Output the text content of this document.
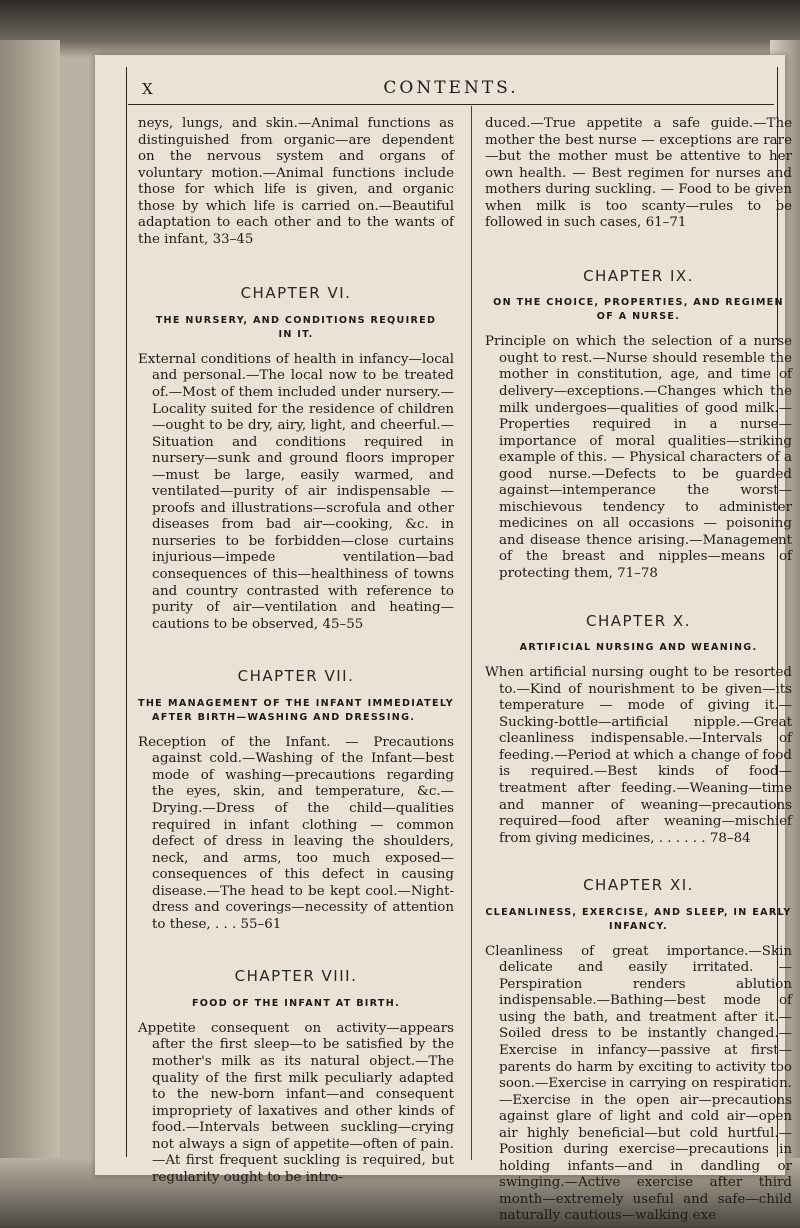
X	CONTENTS.

neys, lungs, and skin.—Animal functions as distinguished from organic—are dependent on the nervous system and organs of voluntary motion.—Animal functions include those for which life is given, and organic those by which life is carried on.—Beautiful adaptation to each other and to the wants of the infant, 33–45

CHAPTER VI.

THE NURSERY, AND CONDITIONS REQUIRED IN IT.

External conditions of health in infancy—local and personal.—The local now to be treated of.—Most of them included under nursery.—Locality suited for the residence of children—ought to be dry, airy, light, and cheerful.—Situation and conditions required in nursery—sunk and ground floors improper—must be large, easily warmed, and ventilated—purity of air indispensable — proofs and illustrations—scrofula and other diseases from bad air—cooking, &c. in nurseries to be forbidden—close curtains injurious—impede ventilation—bad consequences of this—healthiness of towns and country contrasted with reference to purity of air—ventilation and heating—cautions to be observed, 45–55

CHAPTER VII.

THE MANAGEMENT OF THE INFANT IMMEDIATELY AFTER BIRTH—WASHING AND DRESSING.

Reception of the Infant. — Precautions against cold.—Washing of the Infant—best mode of washing—precautions regarding the eyes, skin, and temperature, &c.—Drying.—Dress of the child—qualities required in infant clothing — common defect of dress in leaving the shoulders, neck, and arms, too much exposed—consequences of this defect in causing disease.—The head to be kept cool.—Night-dress and coverings—necessity of attention to these, . . . 55–61

CHAPTER VIII.

FOOD OF THE INFANT AT BIRTH.

Appetite consequent on activity—appears after the first sleep—to be satisfied by the mother's milk as its natural object.—The quality of the first milk peculiarly adapted to the new-born infant—and consequent impropriety of laxatives and other kinds of food.—Intervals between suckling—crying not always a sign of appetite—often of pain.—At first frequent suckling is required, but regularity ought to be intro-

duced.—True appetite a safe guide.—The mother the best nurse — exceptions are rare—but the mother must be attentive to her own health. — Best regimen for nurses and mothers during suckling. — Food to be given when milk is too scanty—rules to be followed in such cases, 61–71

CHAPTER IX.

ON THE CHOICE, PROPERTIES, AND REGIMEN OF A NURSE.

Principle on which the selection of a nurse ought to rest.—Nurse should resemble the mother in constitution, age, and time of delivery—exceptions.—Changes which the milk undergoes—qualities of good milk.—Properties required in a nurse—importance of moral qualities—striking example of this. — Physical characters of a good nurse.—Defects to be guarded against—intemperance the worst—mischievous tendency to administer medicines on all occasions — poisoning and disease thence arising.—Management of the breast and nipples—means of protecting them, 71–78

CHAPTER X.

ARTIFICIAL NURSING AND WEANING.

When artificial nursing ought to be resorted to.—Kind of nourishment to be given—its temperature — mode of giving it.—Sucking-bottle—artificial nipple.—Great cleanliness indispensable.—Intervals of feeding.—Period at which a change of food is required.—Best kinds of food—treatment after feeding.—Weaning—time and manner of weaning—precautions required—food after weaning—mischief from giving medicines, . . . . . . 78–84

CHAPTER XI.

CLEANLINESS, EXERCISE, AND SLEEP, IN EARLY INFANCY.

Cleanliness of great importance.—Skin delicate and easily irritated. — Perspiration renders ablution indispensable.—Bathing—best mode of using the bath, and treatment after it.—Soiled dress to be instantly changed.—Exercise in infancy—passive at first—parents do harm by exciting to activity too soon.—Exercise in carrying on respiration.—Exercise in the open air—precautions against glare of light and cold air—open air highly beneficial—but cold hurtful.—Position during exercise—precautions in holding infants—and in dandling or swinging.—Active exercise after third month—extremely useful and safe—child naturally cautious—walking exe
